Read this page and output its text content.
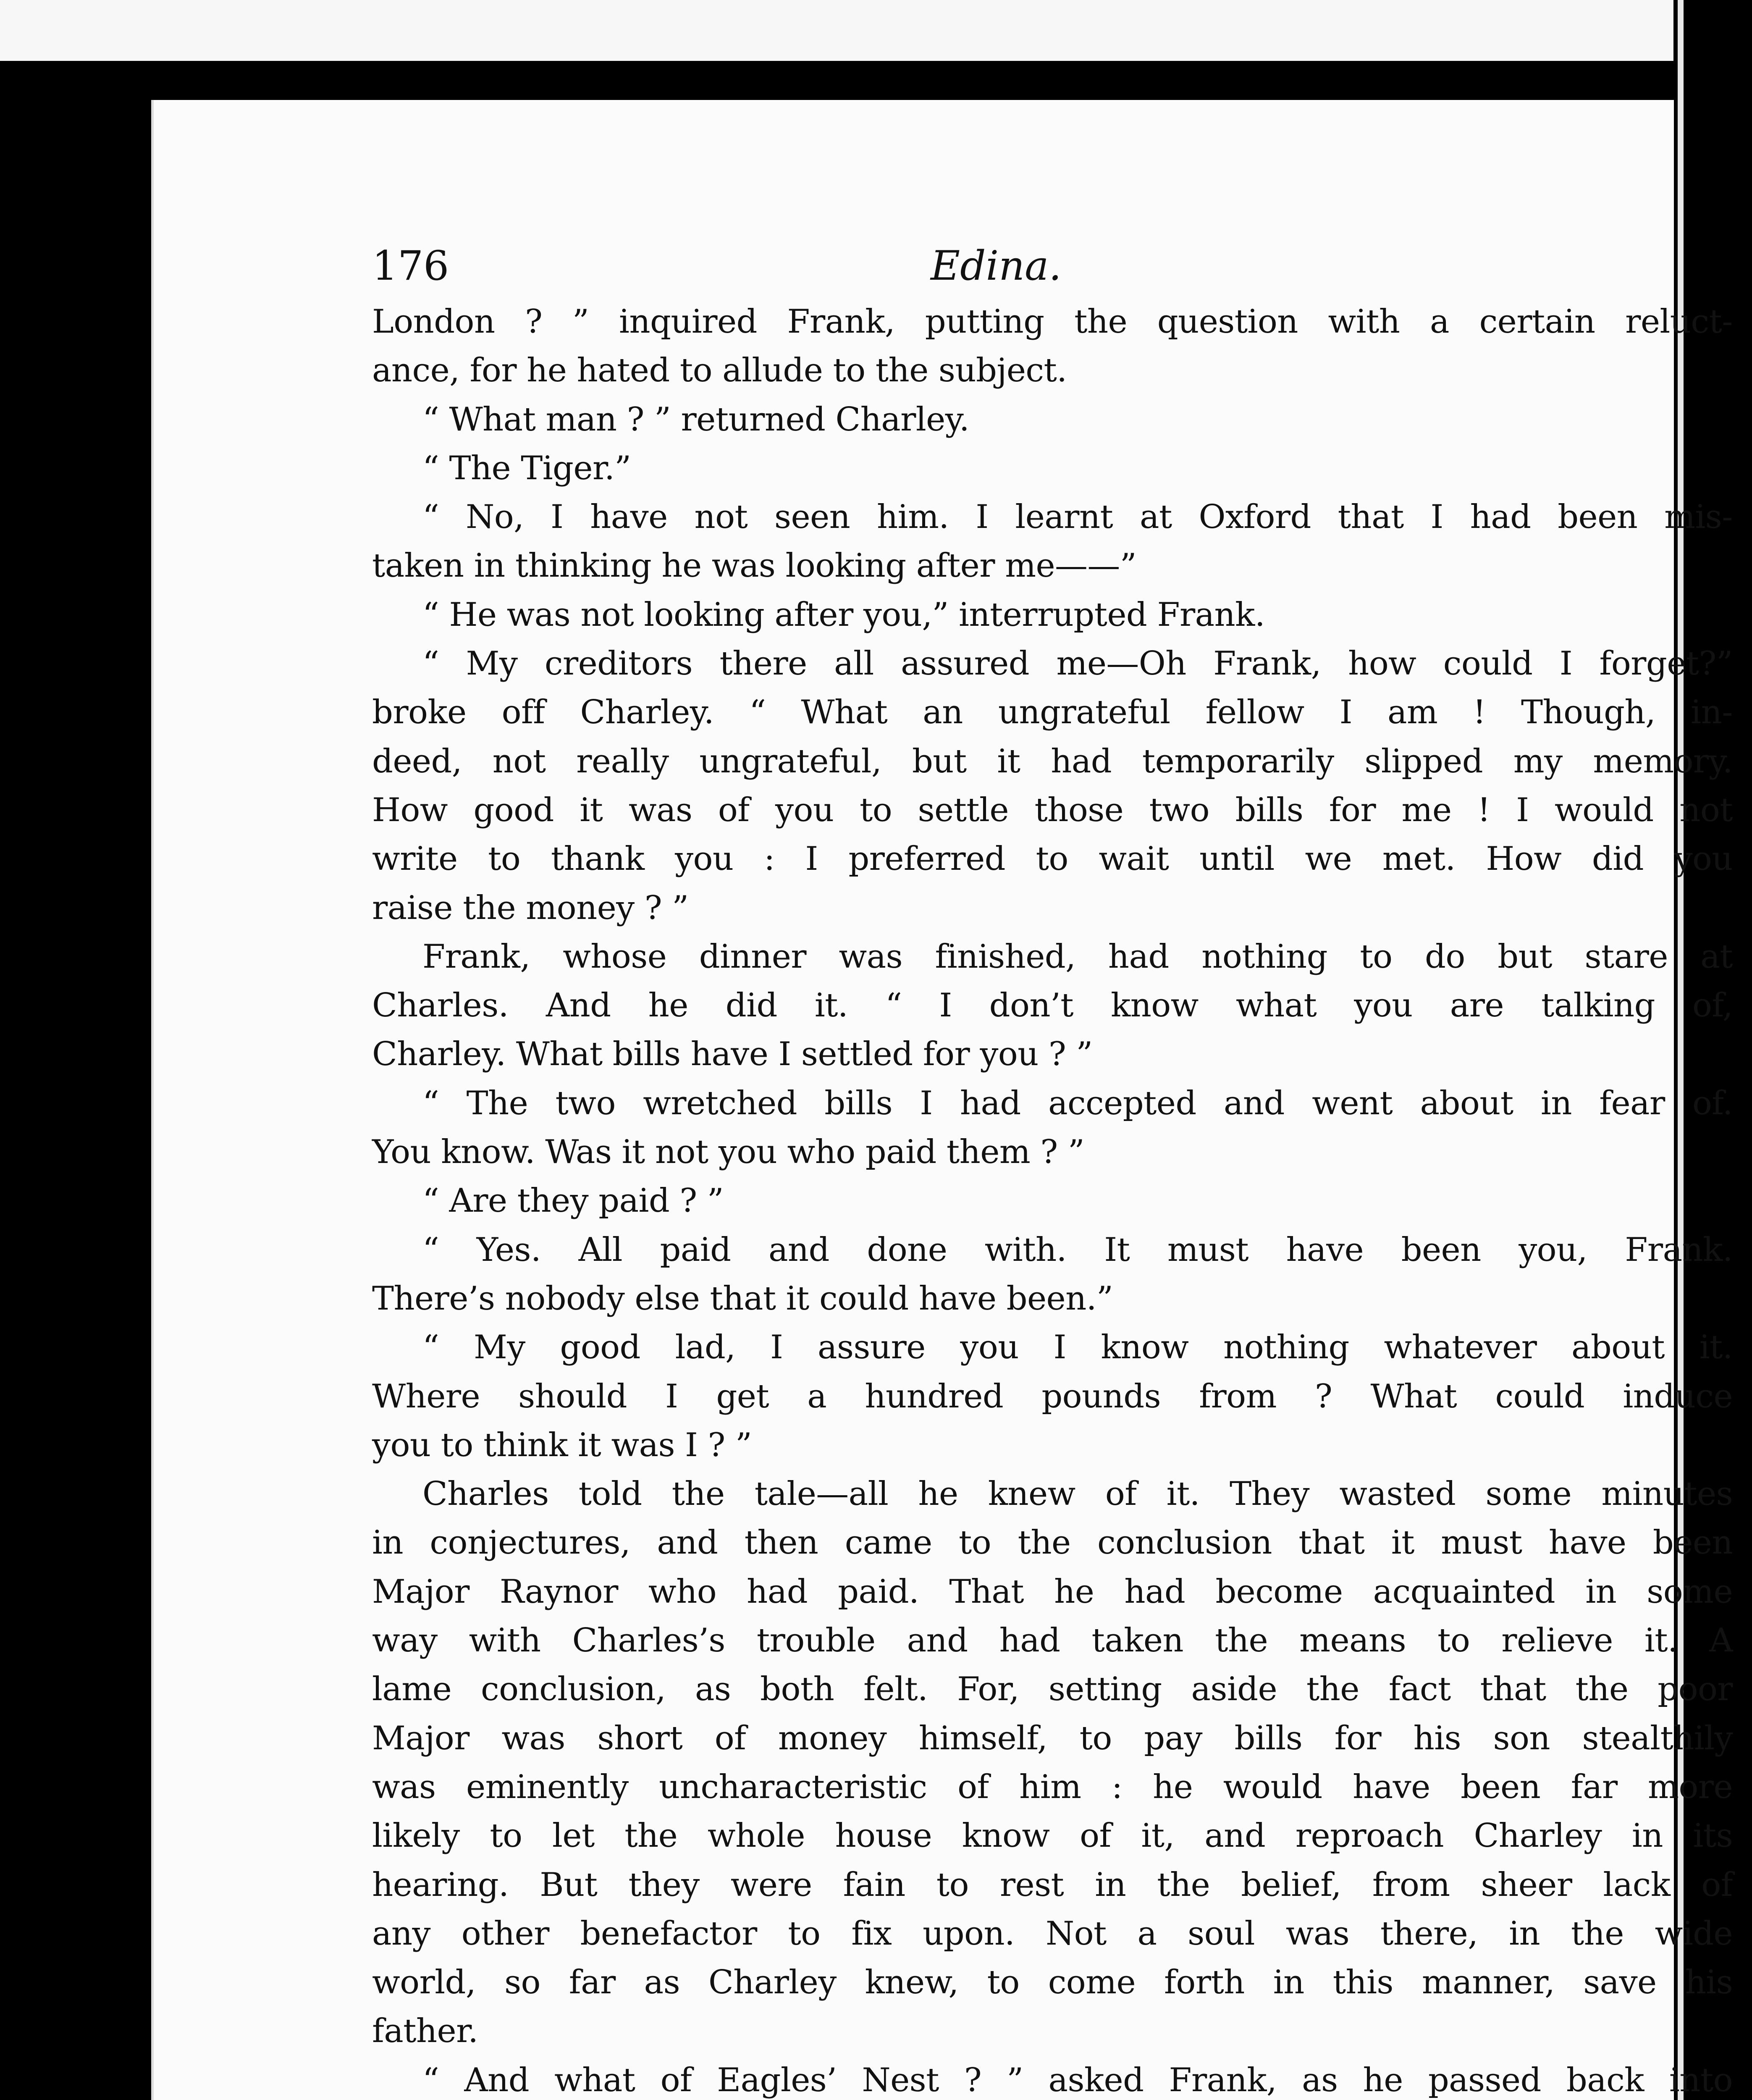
176	Edina.
London ? ” inquired Frank, putting the question with a certain reluct-
ance, for he hated to allude to the subject.
“ What man ? ” returned Charley.
“ The Tiger.”
“ No, I have not seen him. I learnt at Oxford that I had been mis-
taken in thinking he was looking after me——”
“ He was not looking after you,” interrupted Frank.
“ My creditors there all assured me—Oh Frank, how could I forget?”
broke off Charley. “ What an ungrateful fellow I am ! Though, in-
deed, not really ungrateful, but it had temporarily slipped my memory.
How good it was of you to settle those two bills for me ! I would not
write to thank you : I preferred to wait until we met. How did you
raise the money ? ”
Frank, whose dinner was finished, had nothing to do but stare at
Charles. And he did it. “ I don’t know what you are talking of,
Charley. What bills have I settled for you ? ”
“ The two wretched bills I had accepted and went about in fear of.
You know. Was it not you who paid them ? ”
“ Are they paid ? ”
“ Yes. All paid and done with. It must have been you, Frank.
There’s nobody else that it could have been.”
“ My good lad, I assure you I know nothing whatever about it.
Where should I get a hundred pounds from ? What could induce
you to think it was I ? ”
Charles told the tale—all he knew of it. They wasted some minutes
in conjectures, and then came to the conclusion that it must have been
Major Raynor who had paid. That he had become acquainted in some
way with Charles’s trouble and had taken the means to relieve it. A
lame conclusion, as both felt. For, setting aside the fact that the poor
Major was short of money himself, to pay bills for his son stealthily
was eminently uncharacteristic of him : he would have been far more
likely to let the whole house know of it, and reproach Charley in its
hearing. But they were fain to rest in the belief, from sheer lack of
any other benefactor to fix upon. Not a soul was there, in the wide
world, so far as Charley knew, to come forth in this manner, save his
father.
“ And what of Eagles’ Nest ? ” asked Frank, as he passed back into
